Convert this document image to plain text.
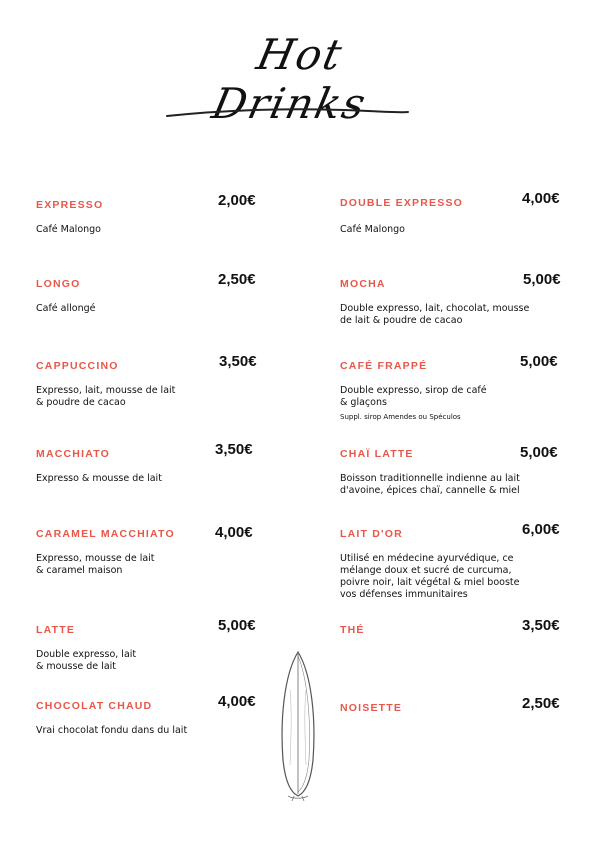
Hot Drinks
EXPRESSO	2,00€
Café Malongo
LONGO	2,50€
Café allongé
CAPPUCCINO	3,50€
Expresso, lait, mousse de lait
& poudre de cacao
MACCHIATO	3,50€
Expresso & mousse de lait
CARAMEL MACCHIATO	4,00€
Expresso, mousse de lait
& caramel maison
LATTE	5,00€
Double expresso, lait
& mousse de lait
CHOCOLAT CHAUD	4,00€
Vrai chocolat fondu dans du lait
DOUBLE EXPRESSO	4,00€
Café Malongo
MOCHA	5,00€
Double expresso, lait, chocolat, mousse
de lait & poudre de cacao
CAFÉ FRAPPÉ	5,00€
Double expresso, sirop de café
& glaçons
Suppl. sirop Amendes ou Spéculos
CHAÏ LATTE	5,00€
Boisson traditionnelle indienne au lait
d'avoine, épices chaï, cannelle & miel
LAIT D'OR	6,00€
Utilisé en médecine ayurvédique, ce
mélange doux et sucré de curcuma,
poivre noir, lait végétal & miel booste
vos défenses immunitaires
THÉ	3,50€
NOISETTE	2,50€
